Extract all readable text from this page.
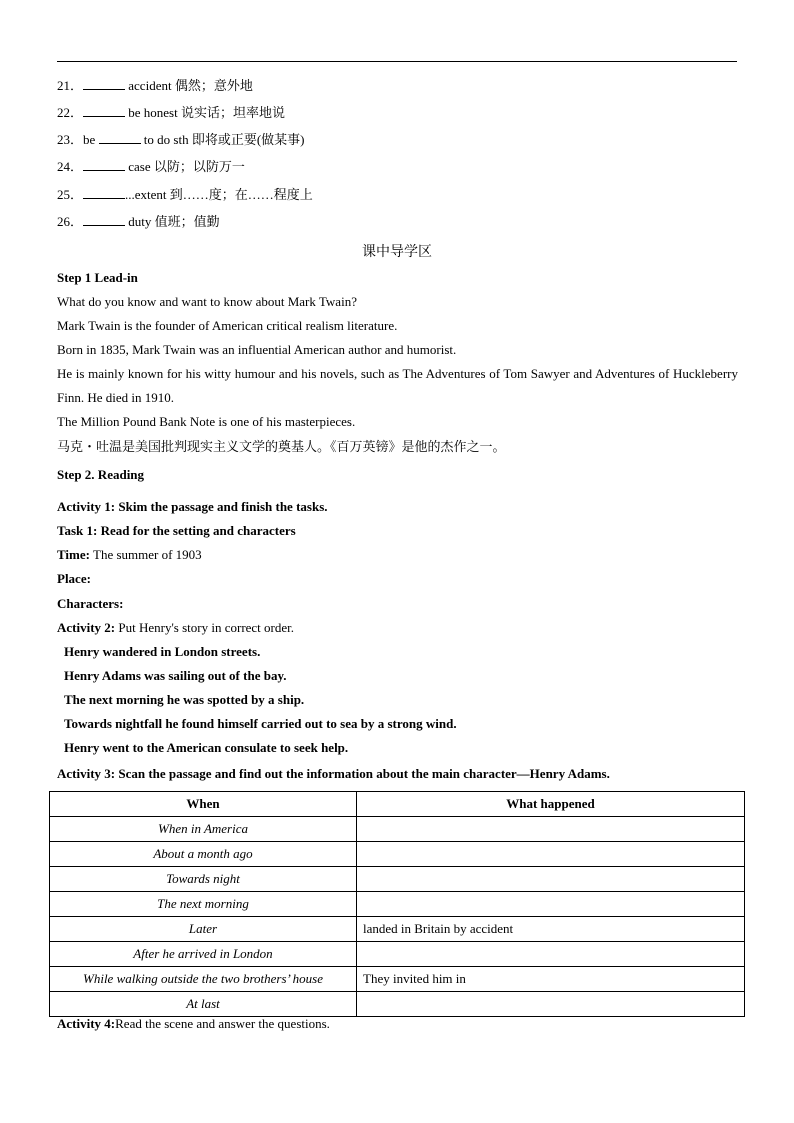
21．	accident 偶然；意外地
22．	be honest 说实话；坦率地说
23．be	to do sth 即将或正要(做某事)
24．	case 以防；以防万一
25．	...extent 到……度；在……程度上
26．	duty 值班；值勤
课中导学区
Step 1 Lead-in
What do you know and want to know about Mark Twain?
Mark Twain is the founder of American critical realism literature.
Born in 1835, Mark Twain was an influential American author and humorist.
He is mainly known for his witty humour and his novels, such as The Adventures of Tom Sawyer and Adventures of Huckleberry Finn. He died in 1910.
The Million Pound Bank Note is one of his masterpieces.
马克・吐温是美国批判现实主义文学的奠基人。《百万英镑》是他的杰作之一。
Step 2. Reading
Activity 1: Skim the passage and finish the tasks.
Task 1: Read for the setting and characters
Time: The summer of 1903
Place:
Characters:
Activity 2: Put Henry's story in correct order.
Henry wandered in London streets.
Henry Adams was sailing out of the bay.
The next morning he was spotted by a ship.
Towards nightfall he found himself carried out to sea by a strong wind.
Henry went to the American consulate to seek help.
Activity 3: Scan the passage and find out the information about the main character—Henry Adams.
When	What happened
When in America	
About a month ago	
Towards night	
The next morning	
Later	landed in Britain by accident
After he arrived in London	
While walking outside the two brothers’ house	They invited him in
At last	
Activity 4:Read the scene and answer the questions.
